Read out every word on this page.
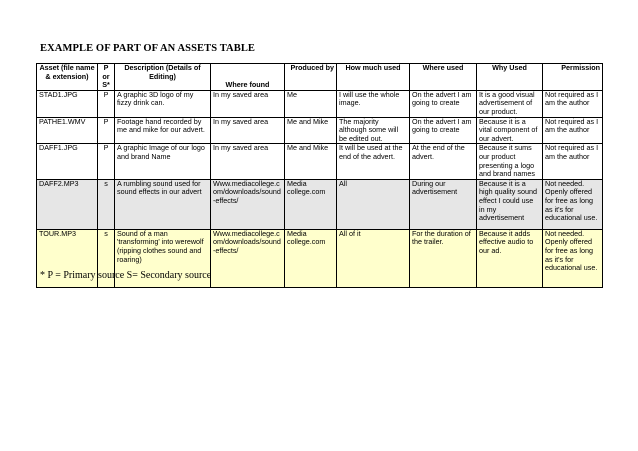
EXAMPLE OF PART OF AN ASSETS TABLE
Asset (file name & extension)	P or S*	Description (Details of Editing)	Where found	Produced by	How much used	Where used	Why Used	Permission
STAD1.JPG	P	A graphic 3D logo of my fizzy drink can.	In my saved area	Me	I will use the whole image.	On the advert I am going to create	It is a good visual advertisement of our product.	Not required as I am the author
PATHE1.WMV	P	Footage hand recorded by me and mike for our advert.	In my saved area	Me and Mike	The majority although some will be edited out.	On the advert I am going to create	Because it is a vital component of our advert.	Not required as I am the author
DAFF1.JPG	P	A graphic Image of our logo and brand Name	In my saved area	Me and Mike	It will be used at the end of the advert.	At the end of the advert.	Because it sums our product presenting a logo and brand names	Not required as I am the author
DAFF2.MP3	s	A rumbling sound used for sound effects in our advert	Www.mediacollege.com/downloads/sound-effects/	Media college.com	All	During our advertisement	Because it is a high quality sound effect I could use in my advertisement	Not needed. Openly offered for free as long as it's for educational use.
TOUR.MP3	s	Sound of a man 'transforming' into werewolf (ripping clothes sound and roaring)	Www.mediacollege.com/downloads/sound-effects/	Media college.com	All of it	For the duration of the trailer.	Because it adds effective audio to our ad.	Not needed. Openly offered for free as long as it's for educational use.
* P = Primary source S= Secondary source
